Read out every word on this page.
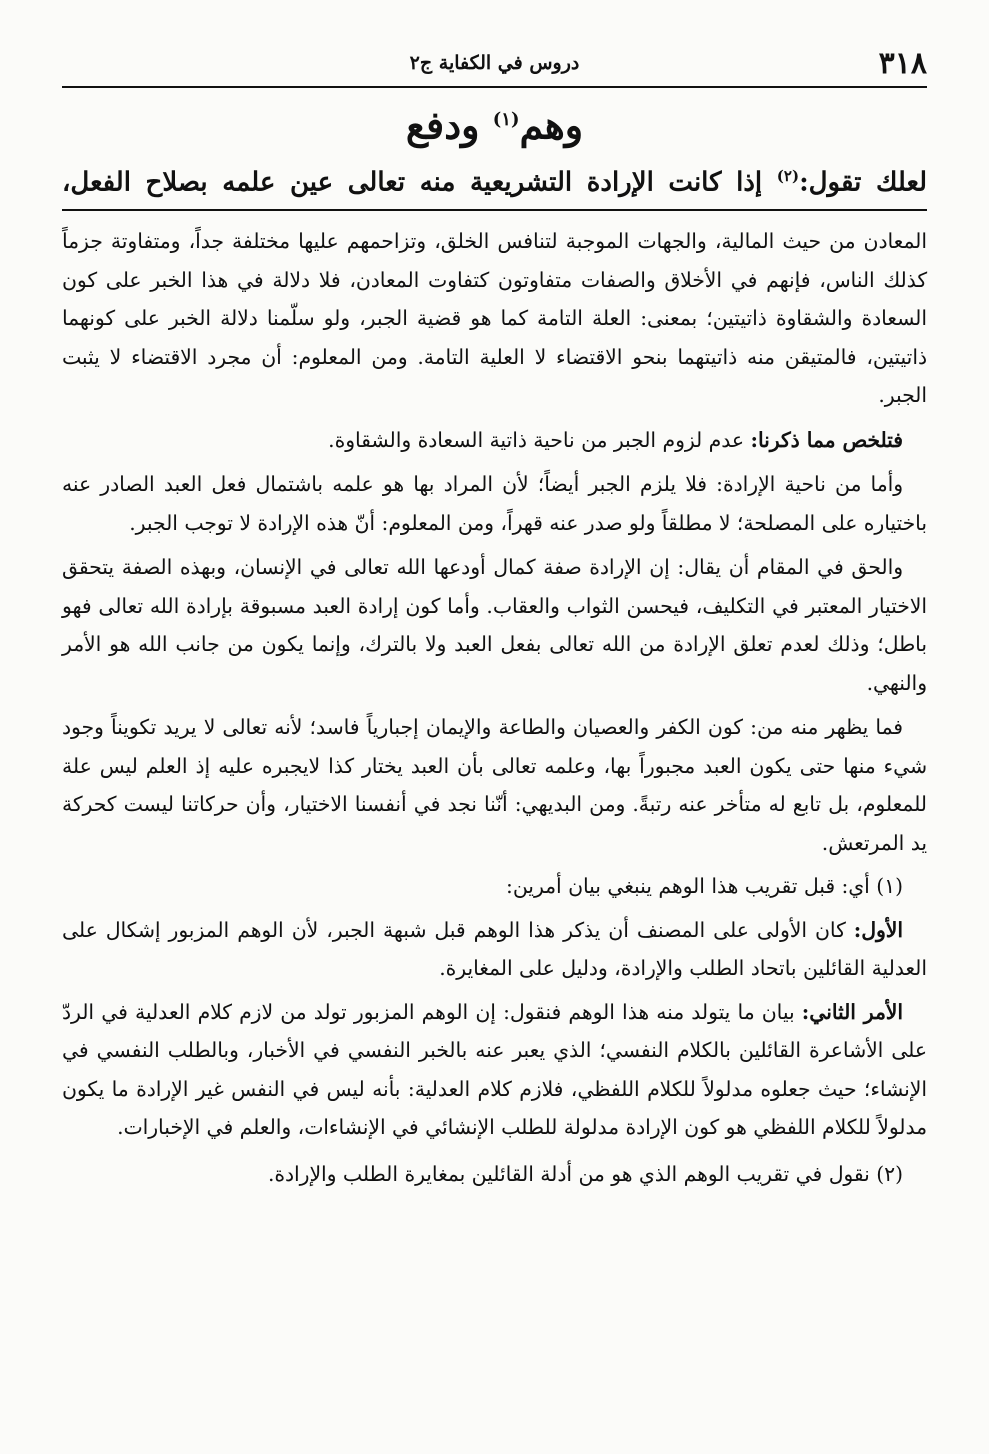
٣١٨
دروس في الكفاية ج٢
وهم$^{(١)}$ ودفع
لعلك تقول:$^{(٢)}$ إذا كانت الإرادة التشريعية منه تعالى عين علمه بصلاح الفعل،

المعادن من حيث المالية، والجهات الموجبة لتنافس الخلق، وتزاحمهم عليها مختلفة جداً، ومتفاوتة جزماً كذلك الناس، فإنهم في الأخلاق والصفات متفاوتون كتفاوت المعادن، فلا دلالة في هذا الخبر على كون السعادة والشقاوة ذاتيتين؛ بمعنى: العلة التامة كما هو قضية الجبر، ولو سلّمنا دلالة الخبر على كونهما ذاتيتين، فالمتيقن منه ذاتيتهما بنحو الاقتضاء لا العلية التامة. ومن المعلوم: أن مجرد الاقتضاء لا يثبت الجبر.

فتلخص مما ذكرنا: عدم لزوم الجبر من ناحية ذاتية السعادة والشقاوة.

وأما من ناحية الإرادة: فلا يلزم الجبر أيضاً؛ لأن المراد بها هو علمه باشتمال فعل العبد الصادر عنه باختياره على المصلحة؛ لا مطلقاً ولو صدر عنه قهراً، ومن المعلوم: أنّ هذه الإرادة لا توجب الجبر.

والحق في المقام أن يقال: إن الإرادة صفة كمال أودعها الله تعالى في الإنسان، وبهذه الصفة يتحقق الاختيار المعتبر في التكليف، فيحسن الثواب والعقاب. وأما كون إرادة العبد مسبوقة بإرادة الله تعالى فهو باطل؛ وذلك لعدم تعلق الإرادة من الله تعالى بفعل العبد ولا بالترك، وإنما يكون من جانب الله هو الأمر والنهي.

فما يظهر منه من: كون الكفر والعصيان والطاعة والإيمان إجبارياً فاسد؛ لأنه تعالى لا يريد تكويناً وجود شيء منها حتى يكون العبد مجبوراً بها، وعلمه تعالى بأن العبد يختار كذا لايجبره عليه إذ العلم ليس علة للمعلوم، بل تابع له متأخر عنه رتبةً. ومن البديهي: أنّنا نجد في أنفسنا الاختيار، وأن حركاتنا ليست كحركة يد المرتعش.

(١) أي: قبل تقريب هذا الوهم ينبغي بيان أمرين:

الأول: كان الأولى على المصنف أن يذكر هذا الوهم قبل شبهة الجبر، لأن الوهم المزبور إشكال على العدلية القائلين باتحاد الطلب والإرادة، ودليل على المغايرة.

الأمر الثاني: بيان ما يتولد منه هذا الوهم فنقول: إن الوهم المزبور تولد من لازم كلام العدلية في الردّ على الأشاعرة القائلين بالكلام النفسي؛ الذي يعبر عنه بالخبر النفسي في الأخبار، وبالطلب النفسي في الإنشاء؛ حيث جعلوه مدلولاً للكلام اللفظي، فلازم كلام العدلية: بأنه ليس في النفس غير الإرادة ما يكون مدلولاً للكلام اللفظي هو كون الإرادة مدلولة للطلب الإنشائي في الإنشاءات، والعلم في الإخبارات.

(٢) نقول في تقريب الوهم الذي هو من أدلة القائلين بمغايرة الطلب والإرادة.
